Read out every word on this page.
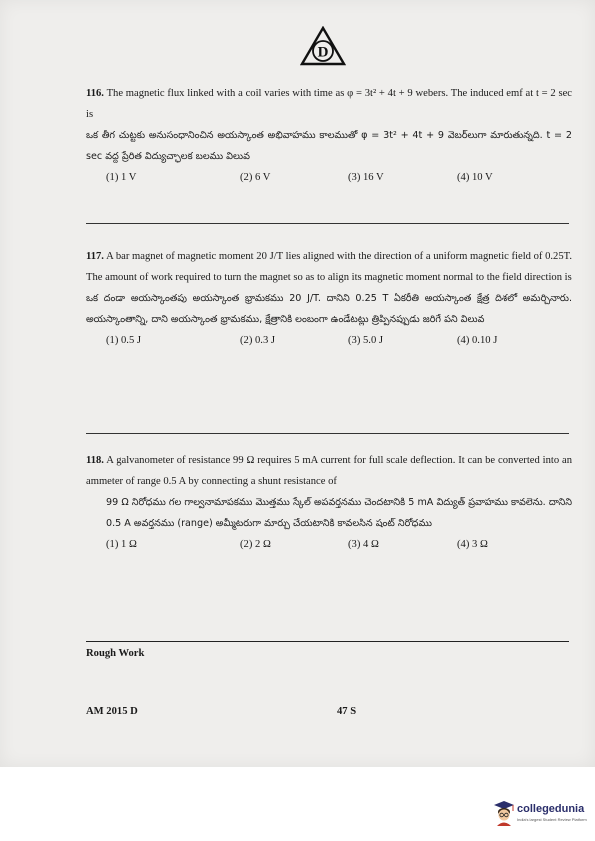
D
116. The magnetic flux linked with a coil varies with time as φ = 3t² + 4t + 9 webers. The induced emf at t = 2 sec is
ఒక తీగ చుట్టకు అనుసంధానించిన అయస్కాంత అభివాహము కాలముతో φ = 3t² + 4t + 9 వెబర్‌లుగా మారుతున్నది. t = 2 sec వద్ద ప్రేరిత విద్యుచ్ఛాలక బలము విలువ
(1) 1 V	(2) 6 V	(3) 16 V	(4) 10 V
117. A bar magnet of magnetic moment 20 J/T lies aligned with the direction of a uniform magnetic field of 0.25T. The amount of work required to turn the magnet so as to align its magnetic moment normal to the field direction is
ఒక దండా అయస్కాంతపు అయస్కాంత భ్రామకము 20 J/T. దానిని 0.25 T ఏకరీతి అయస్కాంత క్షేత్ర దిశలో అమర్చినారు. అయస్కాంతాన్ని, దాని అయస్కాంత భ్రామకము, క్షేత్రానికి లంబంగా ఉండేటట్లు త్రిప్పినప్పుడు జరిగే పని విలువ
(1) 0.5 J	(2) 0.3 J	(3) 5.0 J	(4) 0.10 J
118. A galvanometer of resistance 99 Ω requires 5 mA current for full scale deflection. It can be converted into an ammeter of range 0.5 A by connecting a shunt resistance of
99 Ω నిరోధము గల గాల్వనామాపకము మొత్తము స్కేల్ అపవర్తనము చెందటానికి 5 mA విద్యుత్ ప్రవాహము కావలెను. దానిని 0.5 A అవర్తనము (range) అమ్మీటరుగా మార్చు చేయటానికి కావలసిన షంట్ నిరోధము
(1) 1 Ω	(2) 2 Ω	(3) 4 Ω	(4) 3 Ω
Rough Work
AM 2015 D	47 S
collegedunia
India's largest Student Review Platform
